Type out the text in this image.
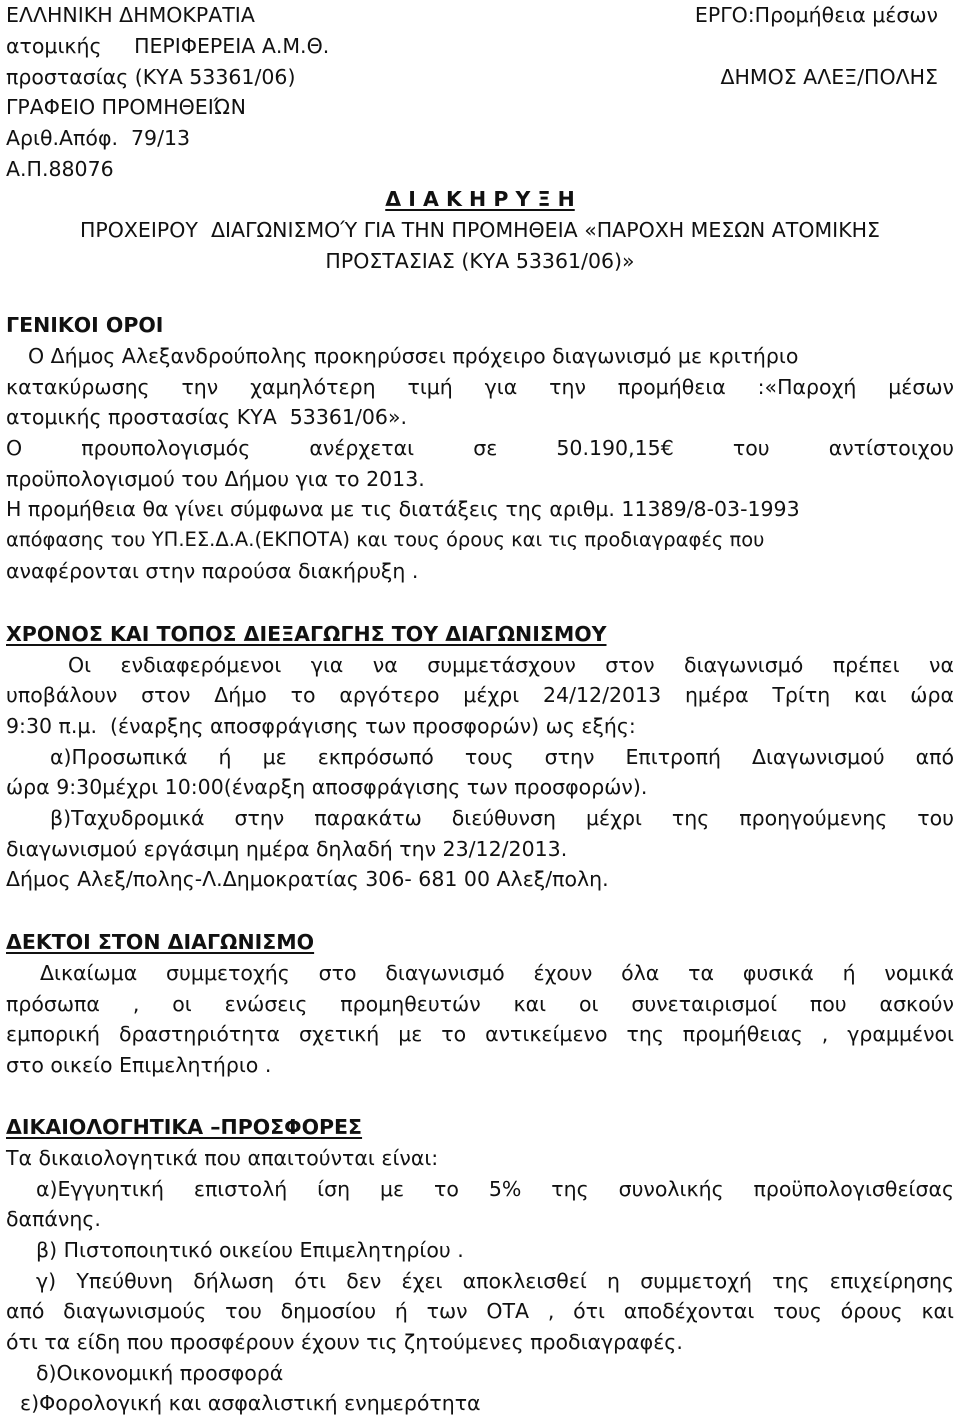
ΕΛΛΗΝΙΚΗ ΔΗΜΟΚΡΑΤΙΑ
ατομικής     ΠΕΡΙΦΕΡΕΙΑ Α.Μ.Θ.
προστασίας (ΚΥΑ 53361/06)
ΓΡΑΦΕΙΟ ΠΡΟΜΗΘΕΙΏΝ
Αριθ.Απόφ.  79/13
Α.Π.88076
ΕΡΓΟ:Προμήθεια μέσων
ΔΗΜΟΣ ΑΛΕΞ/ΠΟΛΗΣ
Δ Ι Α Κ Η Ρ Υ Ξ Η
ΠΡΟΧΕΙΡΟΥ  ΔΙΑΓΩΝΙΣΜΟΎ ΓΙΑ ΤΗΝ ΠΡΟΜΗΘΕΙΑ «ΠΑΡΟΧΗ ΜΕΣΩΝ ΑΤΟΜΙΚΗΣ
ΠΡΟΣΤΑΣΙΑΣ (ΚΥΑ 53361/06)»
ΓΕΝΙΚΟΙ ΟΡΟΙ
Ο Δήμος Αλεξανδρούπολης προκηρύσσει πρόχειρο διαγωνισμό με κριτήριο
κατακύρωσης την χαμηλότερη τιμή για την προμήθεια :«Παροχή μέσων
ατομικής προστασίας ΚΥΑ  53361/06».
Ο προυπολογισμός ανέρχεται σε 50.190,15€ του αντίστοιχου
προϋπολογισμού του Δήμου για το 2013.
Η προμήθεια θα γίνει σύμφωνα με τις διατάξεις της αριθμ. 11389/8-03-1993
απόφασης του ΥΠ.ΕΣ.Δ.Α.(ΕΚΠΟΤΑ) και τους όρους και τις προδιαγραφές που
αναφέρονται στην παρούσα διακήρυξη .
ΧΡΟΝΟΣ ΚΑΙ ΤΟΠΟΣ ΔΙΕΞΑΓΩΓΗΣ ΤΟΥ ΔΙΑΓΩΝΙΣΜΟΥ
Οι ενδιαφερόμενοι για να συμμετάσχουν στον διαγωνισμό πρέπει να
υποβάλουν στον Δήμο το αργότερο μέχρι 24/12/2013 ημέρα Τρίτη και ώρα
9:30 π.μ.  (έναρξης αποσφράγισης των προσφορών) ως εξής:
α)Προσωπικά ή με εκπρόσωπό τους στην Επιτροπή Διαγωνισμού από
ώρα 9:30μέχρι 10:00(έναρξη αποσφράγισης των προσφορών).
β)Ταχυδρομικά στην παρακάτω διεύθυνση μέχρι της προηγούμενης του
διαγωνισμού εργάσιμη ημέρα δηλαδή την 23/12/2013.
Δήμος Αλεξ/πολης-Λ.Δημοκρατίας 306- 681 00 Αλεξ/πολη.
ΔΕΚΤΟΙ ΣΤΟΝ ΔΙΑΓΩΝΙΣΜΟ
Δικαίωμα συμμετοχής στο διαγωνισμό έχουν όλα τα φυσικά ή νομικά
πρόσωπα , οι ενώσεις προμηθευτών και οι συνεταιρισμοί που ασκούν
εμπορική δραστηριότητα σχετική με το αντικείμενο της προμήθειας , γραμμένοι
στο οικείο Επιμελητήριο .
ΔΙΚΑΙΟΛΟΓΗΤΙΚΑ –ΠΡΟΣΦΟΡΕΣ
Τα δικαιολογητικά που απαιτούνται είναι:
α)Εγγυητική επιστολή ίση με το 5% της συνολικής προϋπολογισθείσας
δαπάνης.
β) Πιστοποιητικό οικείου Επιμελητηρίου .
γ) Υπεύθυνη δήλωση ότι δεν έχει αποκλεισθεί η συμμετοχή της επιχείρησης
από διαγωνισμούς του δημοσίου ή των ΟΤΑ , ότι αποδέχονται τους όρους και
ότι τα είδη που προσφέρουν έχουν τις ζητούμενες προδιαγραφές.
δ)Οικονομική προσφορά
ε)Φορολογική και ασφαλιστική ενημερότητα
